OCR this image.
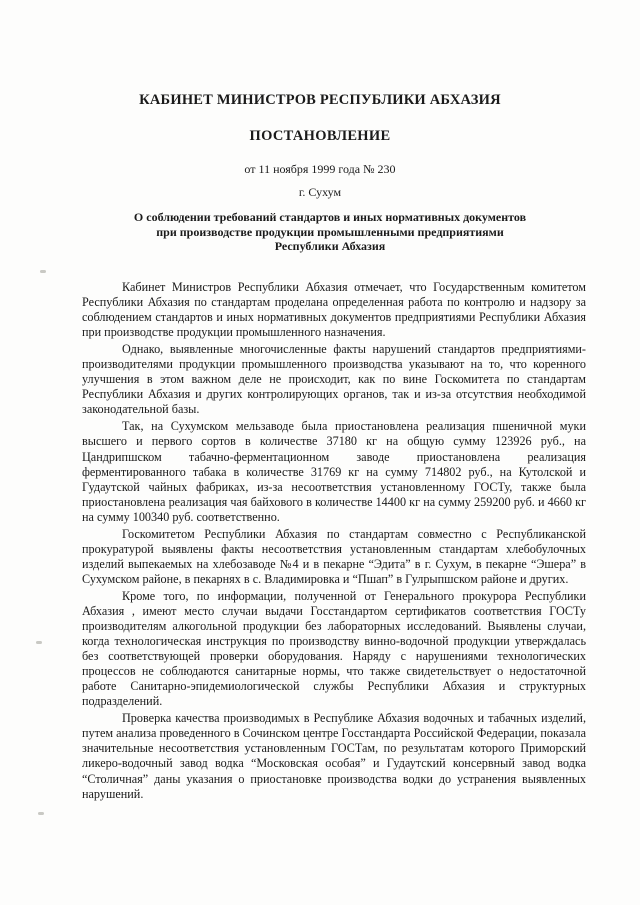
КАБИНЕТ МИНИСТРОВ РЕСПУБЛИКИ АБХАЗИЯ
ПОСТАНОВЛЕНИЕ
от 11 ноября 1999 года № 230
г. Сухум
О соблюдении требований стандартов и иных нормативных документов
при производстве продукции промышленными предприятиями
Республики Абхазия

Кабинет Министров Республики Абхазия отмечает, что Государственным комитетом Республики Абхазия по стандартам проделана определенная работа по контролю и надзору за соблюдением стандартов и иных нормативных документов предприятиями Республики Абхазия при производстве продукции промышленного назначения.

Однако, выявленные многочисленные факты нарушений стандартов предприятиями-производителями продукции промышленного производства указывают на то, что коренного улучшения в этом важном деле не происходит, как по вине Госкомитета по стандартам Республики Абхазия и других контролирующих органов, так и из-за отсутствия необходимой законодательной базы.

Так, на Сухумском мельзаводе была приостановлена реализация пшеничной муки высшего и первого сортов в количестве 37180 кг на общую сумму 123926 руб., на Цандрипшском табачно-ферментационном заводе приостановлена реализация ферментированного табака в количестве 31769 кг на сумму 714802 руб., на Кутолской и Гудаутской чайных фабриках, из-за несоответствия установленному ГОСТу, также была приостановлена реализация чая байхового в количестве 14400 кг на сумму 259200 руб. и 4660 кг на сумму 100340 руб. соответственно.

Госкомитетом Республики Абхазия по стандартам совместно с Республиканской прокуратурой выявлены факты несоответствия установленным стандартам хлебобулочных изделий выпекаемых на хлебозаводе №4 и в пекарне “Эдита” в г. Сухум, в пекарне “Эшера” в Сухумском районе, в пекарнях в с. Владимировка и “Пшап” в Гулрыпшском районе и других.

Кроме того, по информации, полученной от Генерального прокурора Республики Абхазия , имеют место случаи выдачи Госстандартом сертификатов соответствия ГОСТу производителям алкогольной продукции без лабораторных исследований. Выявлены случаи, когда технологическая инструкция по производству винно-водочной продукции утверждалась без соответствующей проверки оборудования. Наряду с нарушениями технологических процессов не соблюдаются санитарные нормы, что также свидетельствует о недостаточной работе Санитарно-эпидемиологической службы Республики Абхазия и структурных подразделений.

Проверка качества производимых в Республике Абхазия водочных и табачных изделий, путем анализа проведенного в Сочинском центре Госстандарта Российской Федерации, показала значительные несоответствия установленным ГОСТам, по результатам которого Приморский ликеро-водочный завод водка “Московская особая” и Гудаутский консервный завод водка “Столичная” даны указания о приостановке производства водки до устранения выявленных нарушений.
